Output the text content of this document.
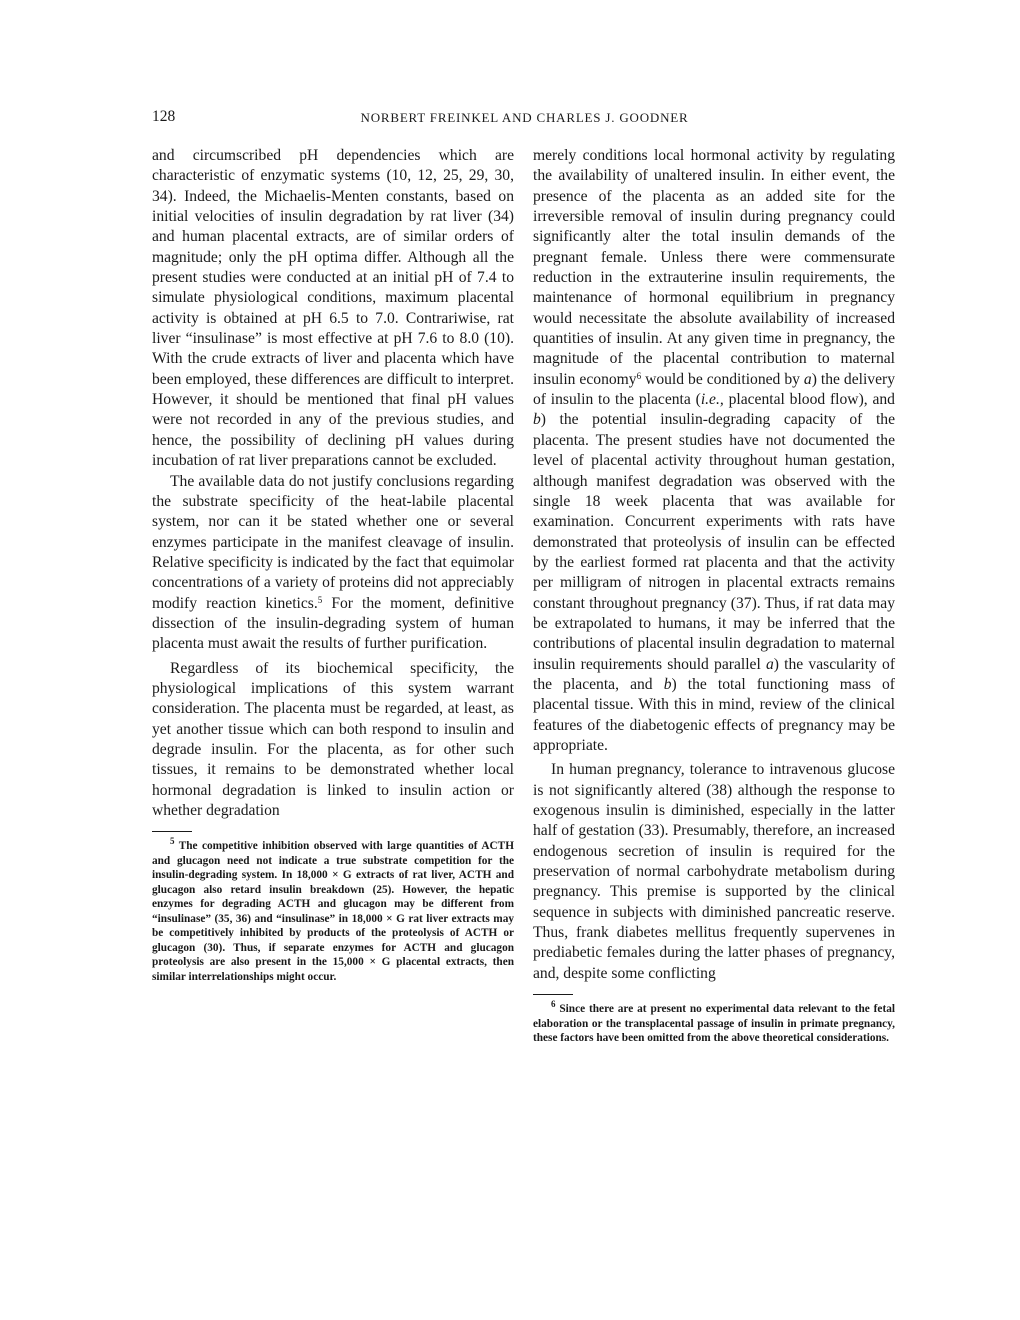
128	NORBERT FREINKEL AND CHARLES J. GOODNER

and circumscribed pH dependencies which are characteristic of enzymatic systems (10, 12, 25, 29, 30, 34). Indeed, the Michaelis-Menten constants, based on initial velocities of insulin degradation by rat liver (34) and human placental extracts, are of similar orders of magnitude; only the pH optima differ. Although all the present studies were conducted at an initial pH of 7.4 to simulate physiological conditions, maximum placental activity is obtained at pH 6.5 to 7.0. Contrariwise, rat liver “insulinase” is most effective at pH 7.6 to 8.0 (10). With the crude extracts of liver and placenta which have been employed, these differences are difficult to interpret. However, it should be mentioned that final pH values were not recorded in any of the previous studies, and hence, the possibility of declining pH values during incubation of rat liver preparations cannot be excluded.

The available data do not justify conclusions regarding the substrate specificity of the heat-labile placental system, nor can it be stated whether one or several enzymes participate in the manifest cleavage of insulin. Relative specificity is indicated by the fact that equimolar concentrations of a variety of proteins did not appreciably modify reaction kinetics.$^5$ For the moment, definitive dissection of the insulin-degrading system of human placenta must await the results of further purification.

Regardless of its biochemical specificity, the physiological implications of this system warrant consideration. The placenta must be regarded, at least, as yet another tissue which can both respond to insulin and degrade insulin. For the placenta, as for other such tissues, it remains to be demonstrated whether local hormonal degradation is linked to insulin action or whether degradation

$^5$ The competitive inhibition observed with large quantities of ACTH and glucagon need not indicate a true substrate competition for the insulin-degrading system. In 18,000 × G extracts of rat liver, ACTH and glucagon also retard insulin breakdown (25). However, the hepatic enzymes for degrading ACTH and glucagon may be different from “insulinase” (35, 36) and “insulinase” in 18,000 × G rat liver extracts may be competitively inhibited by products of the proteolysis of ACTH or glucagon (30). Thus, if separate enzymes for ACTH and glucagon proteolysis are also present in the 15,000 × G placental extracts, then similar interrelationships might occur.

merely conditions local hormonal activity by regulating the availability of unaltered insulin. In either event, the presence of the placenta as an added site for the irreversible removal of insulin during pregnancy could significantly alter the total insulin demands of the pregnant female. Unless there were commensurate reduction in the extrauterine insulin requirements, the maintenance of hormonal equilibrium in pregnancy would necessitate the absolute availability of increased quantities of insulin. At any given time in pregnancy, the magnitude of the placental contribution to maternal insulin economy$^6$ would be conditioned by a) the delivery of insulin to the placenta (i.e., placental blood flow), and b) the potential insulin-degrading capacity of the placenta. The present studies have not documented the level of placental activity throughout human gestation, although manifest degradation was observed with the single 18 week placenta that was available for examination. Concurrent experiments with rats have demonstrated that proteolysis of insulin can be effected by the earliest formed rat placenta and that the activity per milligram of nitrogen in placental extracts remains constant throughout pregnancy (37). Thus, if rat data may be extrapolated to humans, it may be inferred that the contributions of placental insulin degradation to maternal insulin requirements should parallel a) the vascularity of the placenta, and b) the total functioning mass of placental tissue. With this in mind, review of the clinical features of the diabetogenic effects of pregnancy may be appropriate.

In human pregnancy, tolerance to intravenous glucose is not significantly altered (38) although the response to exogenous insulin is diminished, especially in the latter half of gestation (33). Presumably, therefore, an increased endogenous secretion of insulin is required for the preservation of normal carbohydrate metabolism during pregnancy. This premise is supported by the clinical sequence in subjects with diminished pancreatic reserve. Thus, frank diabetes mellitus frequently supervenes in prediabetic females during the latter phases of pregnancy, and, despite some conflicting

$^6$ Since there are at present no experimental data relevant to the fetal elaboration or the transplacental passage of insulin in primate pregnancy, these factors have been omitted from the above theoretical considerations.
